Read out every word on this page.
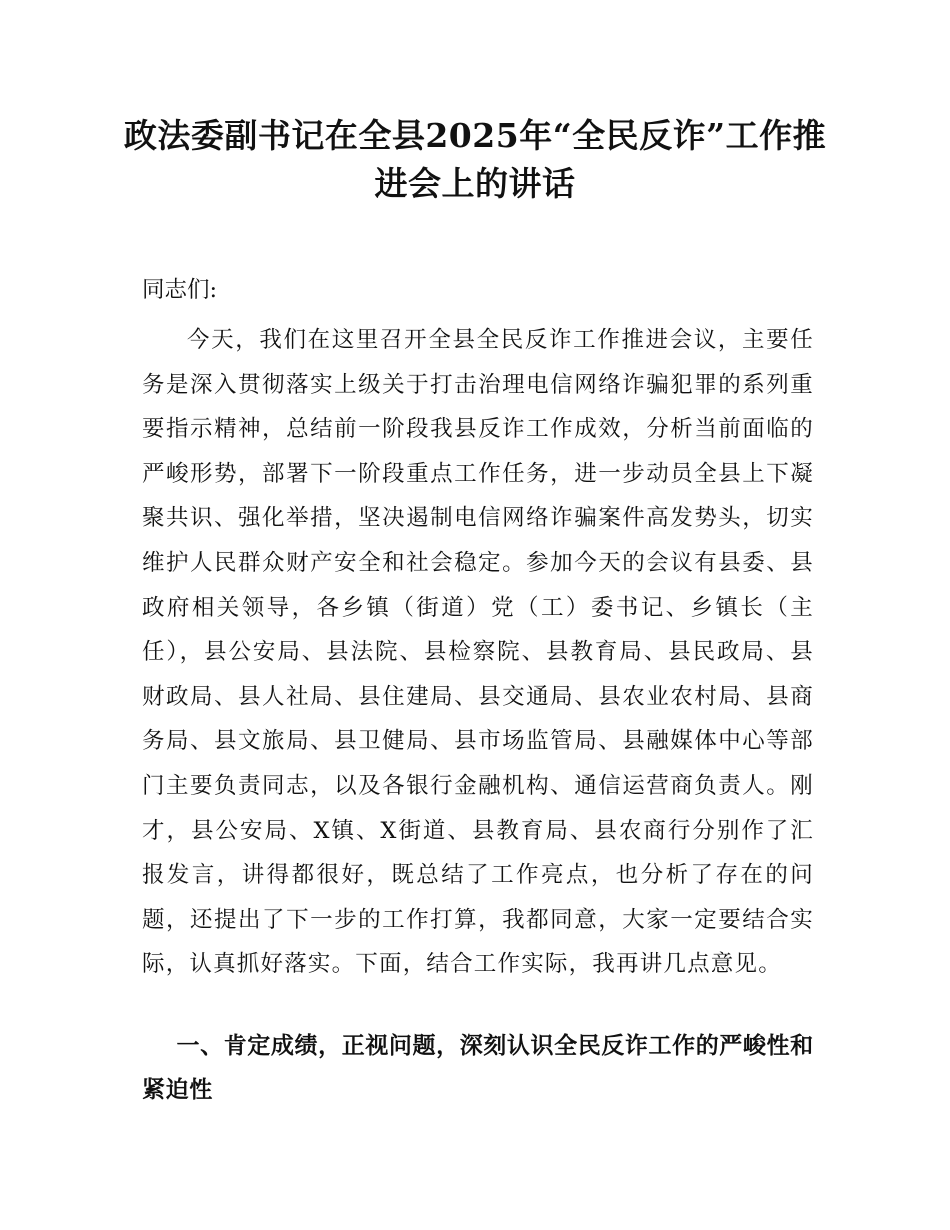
政法委副书记在全县2025年“全民反诈”工作推进会上的讲话

同志们:

今天，我们在这里召开全县全民反诈工作推进会议，主要任务是深入贯彻落实上级关于打击治理电信网络诈骗犯罪的系列重要指示精神，总结前一阶段我县反诈工作成效，分析当前面临的严峻形势，部署下一阶段重点工作任务，进一步动员全县上下凝聚共识、强化举措，坚决遏制电信网络诈骗案件高发势头，切实维护人民群众财产安全和社会稳定。参加今天的会议有县委、县政府相关领导，各乡镇（街道）党（工）委书记、乡镇长（主任），县公安局、县法院、县检察院、县教育局、县民政局、县财政局、县人社局、县住建局、县交通局、县农业农村局、县商务局、县文旅局、县卫健局、县市场监管局、县融媒体中心等部门主要负责同志，以及各银行金融机构、通信运营商负责人。刚才，县公安局、X镇、X街道、县教育局、县农商行分别作了汇报发言，讲得都很好，既总结了工作亮点，也分析了存在的问题，还提出了下一步的工作打算，我都同意，大家一定要结合实际，认真抓好落实。下面，结合工作实际，我再讲几点意见。

一、肯定成绩，正视问题，深刻认识全民反诈工作的严峻性和紧迫性
